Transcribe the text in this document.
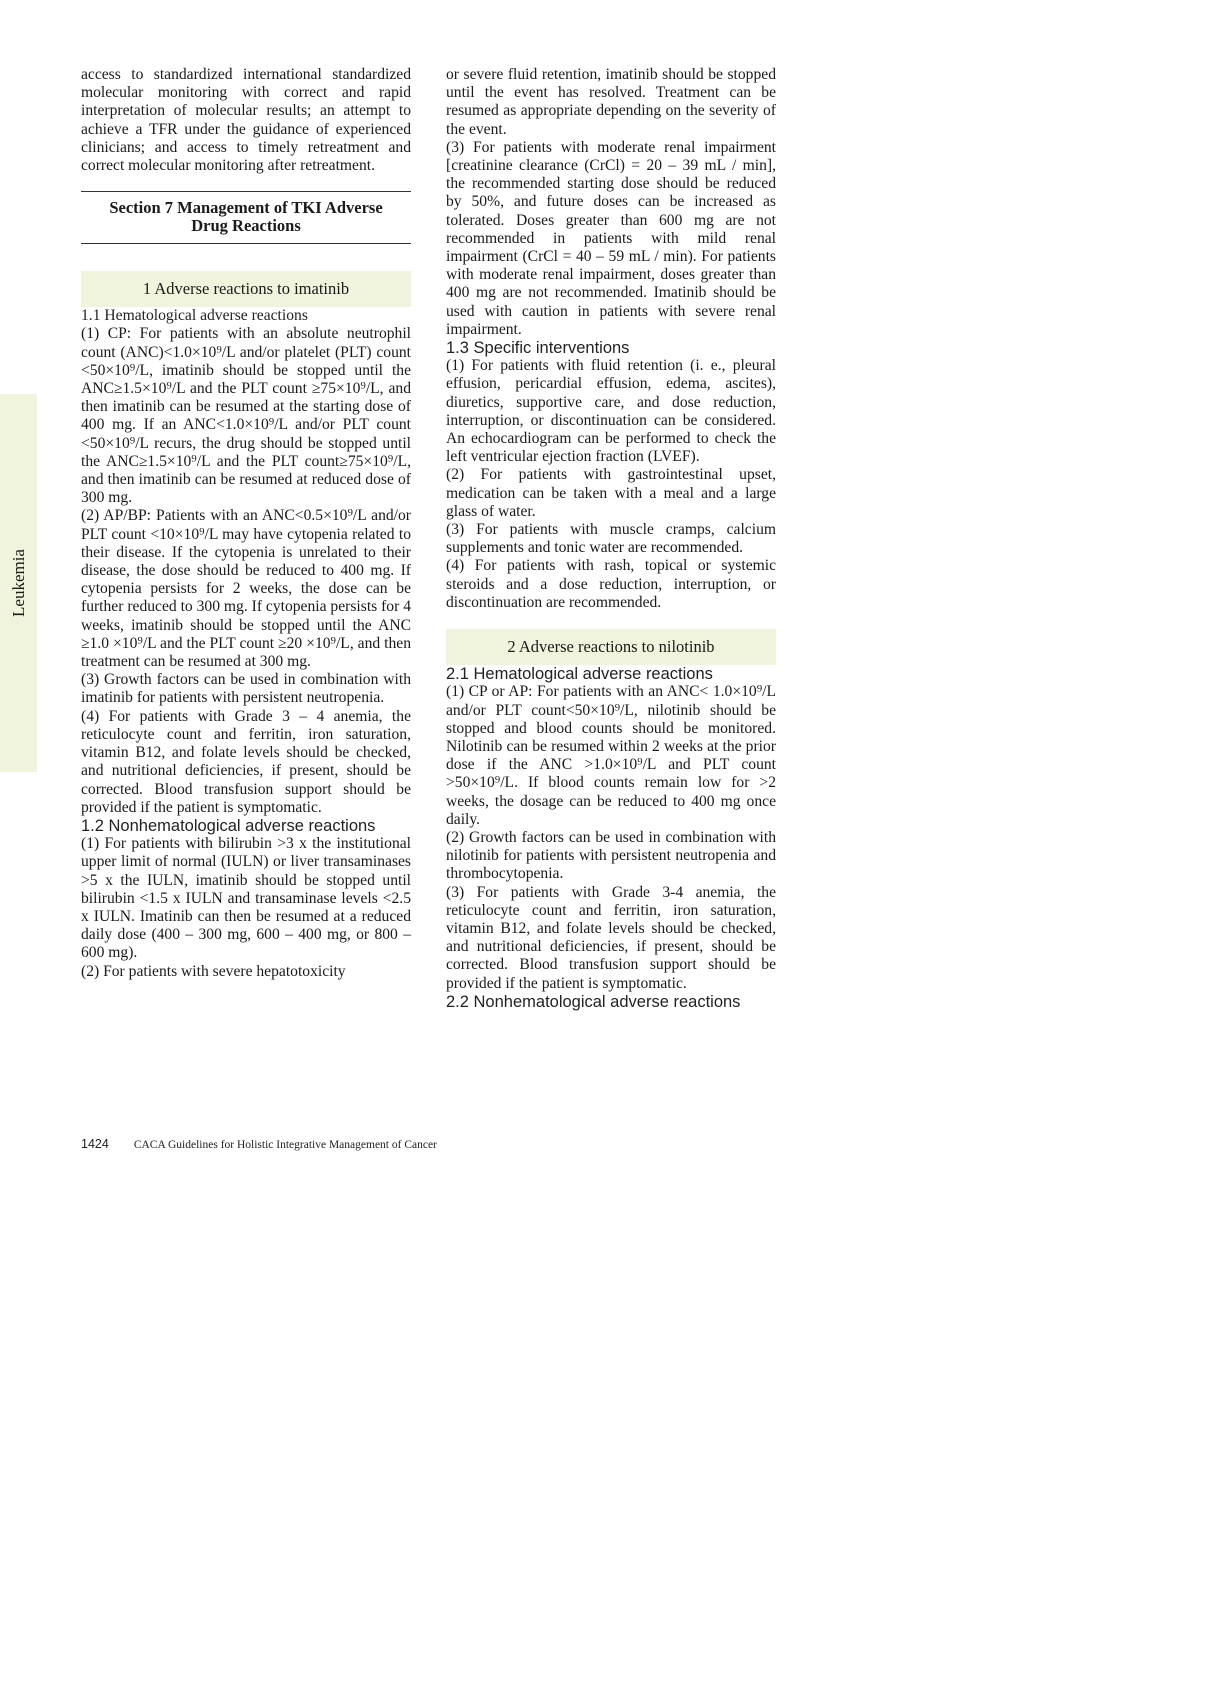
Leukemia

access to standardized international standardized molecular monitoring with correct and rapid interpretation of molecular results; an attempt to achieve a TFR under the guidance of experienced clinicians; and access to timely retreatment and correct molecular monitoring after retreatment.

Section 7 Management of TKI Adverse Drug Reactions
1 Adverse reactions to imatinib
1.1 Hematological adverse reactions

(1) CP: For patients with an absolute neutrophil count (ANC)<1.0×10⁹/L and/or platelet (PLT) count <50×10⁹/L, imatinib should be stopped until the ANC≥1.5×10⁹/L and the PLT count ≥75×10⁹/L, and then imatinib can be resumed at the starting dose of 400 mg. If an ANC<1.0×10⁹/L and/or PLT count <50×10⁹/L recurs, the drug should be stopped until the ANC≥1.5×10⁹/L and the PLT count≥75×10⁹/L, and then imatinib can be resumed at reduced dose of 300 mg.

(2) AP/BP: Patients with an ANC<0.5×10⁹/L and/or PLT count <10×10⁹/L may have cytopenia related to their disease. If the cytopenia is unrelated to their disease, the dose should be reduced to 400 mg. If cytopenia persists for 2 weeks, the dose can be further reduced to 300 mg. If cytopenia persists for 4 weeks, imatinib should be stopped until the ANC ≥1.0 ×10⁹/L and the PLT count ≥20 ×10⁹/L, and then treatment can be resumed at 300 mg.

(3) Growth factors can be used in combination with imatinib for patients with persistent neutropenia.

(4) For patients with Grade 3 – 4 anemia, the reticulocyte count and ferritin, iron saturation, vitamin B12, and folate levels should be checked, and nutritional deficiencies, if present, should be corrected. Blood transfusion support should be provided if the patient is symptomatic.

1.2 Nonhematological adverse reactions

(1) For patients with bilirubin >3 x the institutional upper limit of normal (IULN) or liver transaminases >5 x the IULN, imatinib should be stopped until bilirubin <1.5 x IULN and transaminase levels <2.5 x IULN. Imatinib can then be resumed at a reduced daily dose (400 – 300 mg, 600 – 400 mg, or 800 – 600 mg).

(2) For patients with severe hepatotoxicity

or severe fluid retention, imatinib should be stopped until the event has resolved. Treatment can be resumed as appropriate depending on the severity of the event.

(3) For patients with moderate renal impairment [creatinine clearance (CrCl) = 20 – 39 mL / min], the recommended starting dose should be reduced by 50%, and future doses can be increased as tolerated. Doses greater than 600 mg are not recommended in patients with mild renal impairment (CrCl = 40 – 59 mL / min). For patients with moderate renal impairment, doses greater than 400 mg are not recommended. Imatinib should be used with caution in patients with severe renal impairment.

1.3 Specific interventions

(1) For patients with fluid retention (i. e., pleural effusion, pericardial effusion, edema, ascites), diuretics, supportive care, and dose reduction, interruption, or discontinuation can be considered. An echocardiogram can be performed to check the left ventricular ejection fraction (LVEF).

(2) For patients with gastrointestinal upset, medication can be taken with a meal and a large glass of water.

(3) For patients with muscle cramps, calcium supplements and tonic water are recommended.

(4) For patients with rash, topical or systemic steroids and a dose reduction, interruption, or discontinuation are recommended.

2 Adverse reactions to nilotinib
2.1 Hematological adverse reactions

(1) CP or AP: For patients with an ANC< 1.0×10⁹/L and/or PLT count<50×10⁹/L, nilotinib should be stopped and blood counts should be monitored. Nilotinib can be resumed within 2 weeks at the prior dose if the ANC >1.0×10⁹/L and PLT count >50×10⁹/L. If blood counts remain low for >2 weeks, the dosage can be reduced to 400 mg once daily.

(2) Growth factors can be used in combination with nilotinib for patients with persistent neutropenia and thrombocytopenia.

(3) For patients with Grade 3-4 anemia, the reticulocyte count and ferritin, iron saturation, vitamin B12, and folate levels should be checked, and nutritional deficiencies, if present, should be corrected. Blood transfusion support should be provided if the patient is symptomatic.

2.2 Nonhematological adverse reactions
1424 CACA Guidelines for Holistic Integrative Management of Cancer
